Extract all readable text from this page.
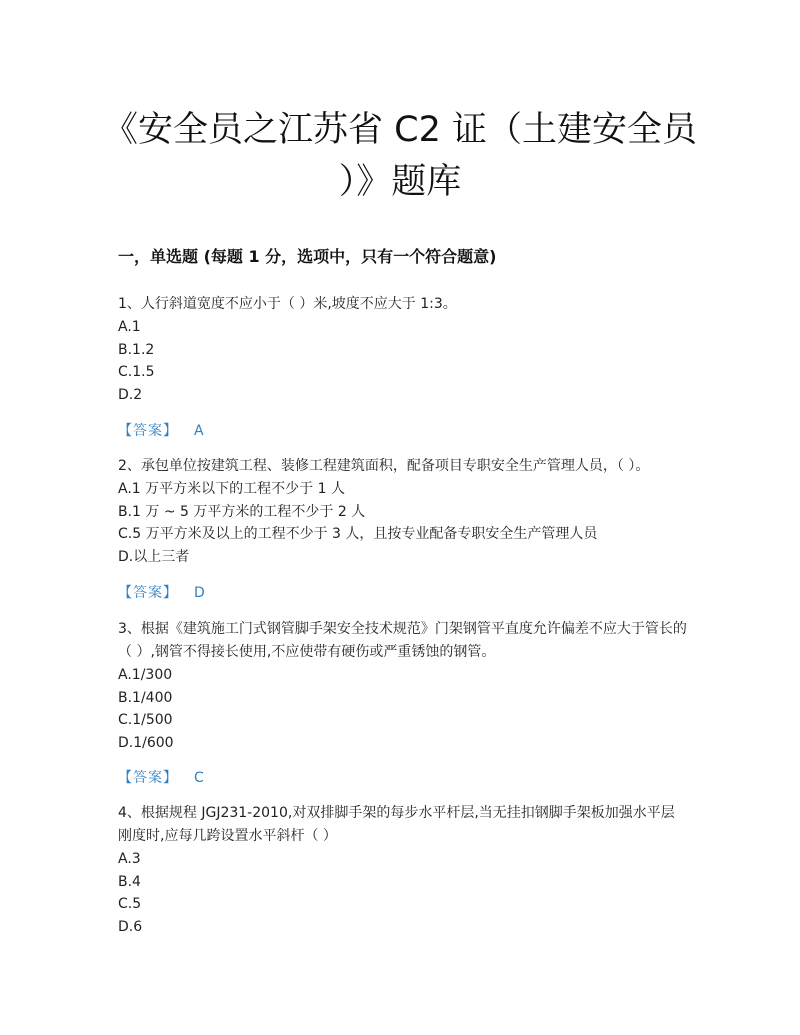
《安全员之江苏省 C2 证（土建安全员
）》题库
一，单选题 (每题 1 分，选项中，只有一个符合题意)

1、人行斜道宽度不应小于（ ）米,坡度不应大于 1:3。

A.1

B.1.2

C.1.5

D.2

【答案】 A

2、承包单位按建筑工程、装修工程建筑面积，配备项目专职安全生产管理人员，（ ）。

A.1 万平方米以下的工程不少于 1 人

B.1 万 ~ 5 万平方米的工程不少于 2 人

C.5 万平方米及以上的工程不少于 3 人，且按专业配备专职安全生产管理人员

D.以上三者

【答案】 D

3、根据《建筑施工门式钢管脚手架安全技术规范》门架钢管平直度允许偏差不应大于管长的（ ）,钢管不得接长使用,不应使带有硬伤或严重锈蚀的钢管。

A.1/300

B.1/400

C.1/500

D.1/600

【答案】 C

4、根据规程 JGJ231-2010,对双排脚手架的每步水平杆层,当无挂扣钢脚手架板加强水平层刚度时,应每几跨设置水平斜杆（ ）

A.3

B.4

C.5

D.6
